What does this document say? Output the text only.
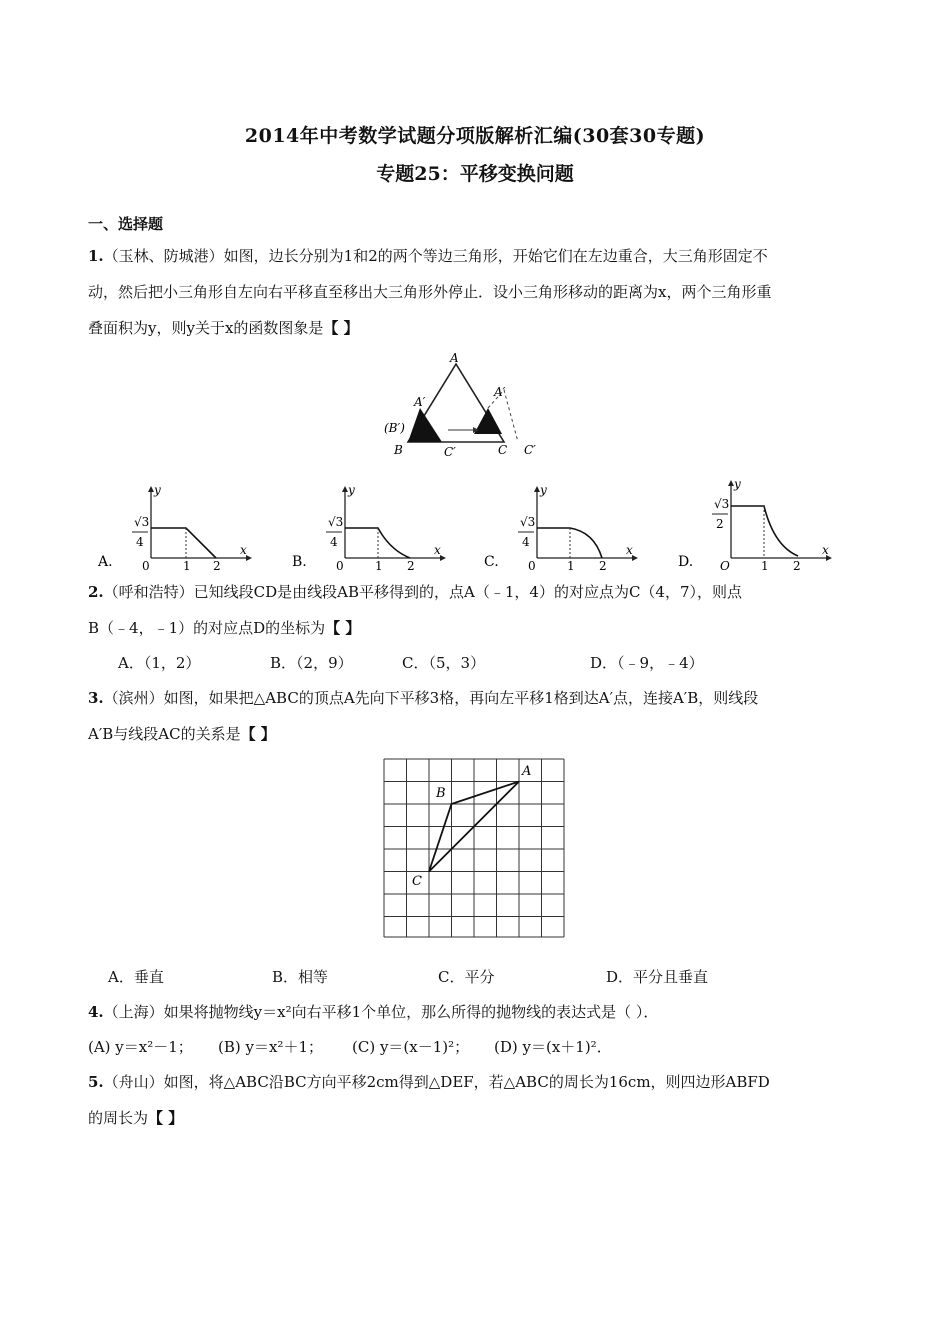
2014年中考数学试题分项版解析汇编(30套30专题)
专题25：平移变换问题
一、选择题
1.（玉林、防城港）如图，边长分别为1和2的两个等边三角形，开始它们在左边重合，大三角形固定不
动，然后把小三角形自左向右平移直至移出大三角形外停止．设小三角形移动的距离为x，两个三角形重
叠面积为y，则y关于x的函数图象是【 】
A
A′
A′
(B′)
B	C′	C C′
A.
√3
4
0	1 2
y
x
B.
√3
4
0	1 2
y
x
C.
√3
4
0	1 2
y
x
D.
√3
2
O	1 2
y
x
2.（呼和浩特）已知线段CD是由线段AB平移得到的，点A（﹣1，4）的对应点为C（4，7），则点
B（﹣4，﹣1）的对应点D的坐标为【 】
A．（1，2）	B．（2，9）	C．（5，3）	D．（﹣9，﹣4）
3.（滨州）如图，如果把△ABC的顶点A先向下平移3格，再向左平移1格到达A′点，连接A′B，则线段
A′B与线段AC的关系是【 】
A
B
C
A．垂直	B．相等	C．平分	D．平分且垂直
4.（上海）如果将抛物线y＝x²向右平移1个单位，那么所得的抛物线的表达式是（ ）．
(A) y＝x²－1； (B) y＝x²＋1； (C) y＝(x－1)²； (D) y＝(x＋1)²．
5.（舟山）如图，将△ABC沿BC方向平移2cm得到△DEF，若△ABC的周长为16cm，则四边形ABFD
的周长为【 】
